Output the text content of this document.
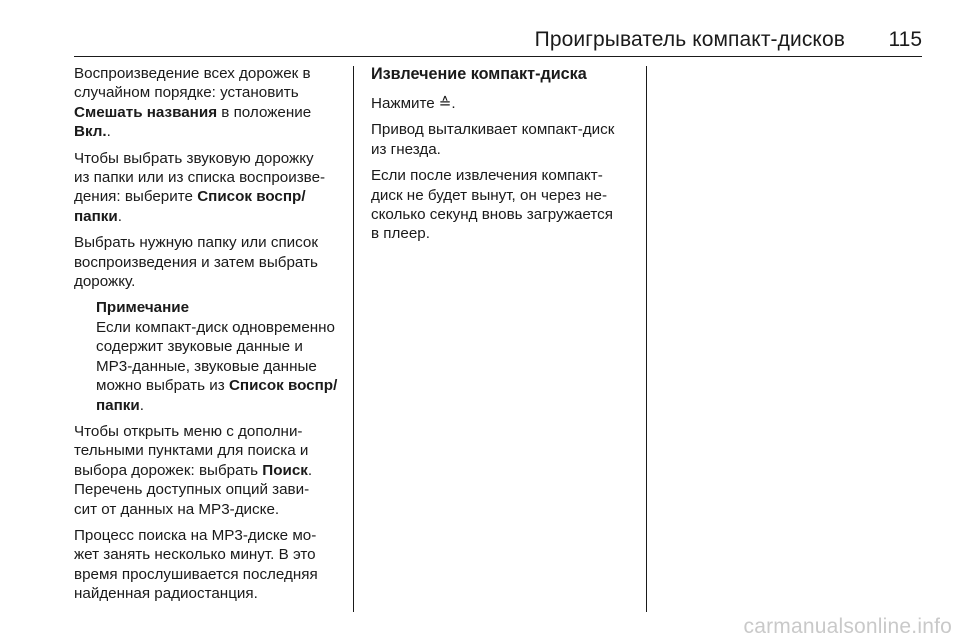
Проигрыватель компакт-дисков 115

Воспроизведение всех дорожек в
случайном порядке: установить
Смешать названия в положение
Вкл..

Чтобы выбрать звуковую дорожку
из папки или из списка воспроизве-
дения: выберите Список воспр/
папки.

Выбрать нужную папку или список
воспроизведения и затем выбрать
дорожку.

Примечание
Если компакт-диск одновременно
содержит звуковые данные и
MP3-данные, звуковые данные
можно выбрать из Список воспр/
папки.

Чтобы открыть меню с дополни-
тельными пунктами для поиска и
выбора дорожек: выбрать Поиск.
Перечень доступных опций зави-
сит от данных на MP3-диске.

Процесс поиска на MP3-диске мо-
жет занять несколько минут. В это
время прослушивается последняя
найденная радиостанция.

Извлечение компакт-диска

Нажмите ≙.

Привод выталкивает компакт-диск
из гнезда.

Если после извлечения компакт-
диск не будет вынут, он через не-
сколько секунд вновь загружается
в плеер.

carmanualsonline.info
